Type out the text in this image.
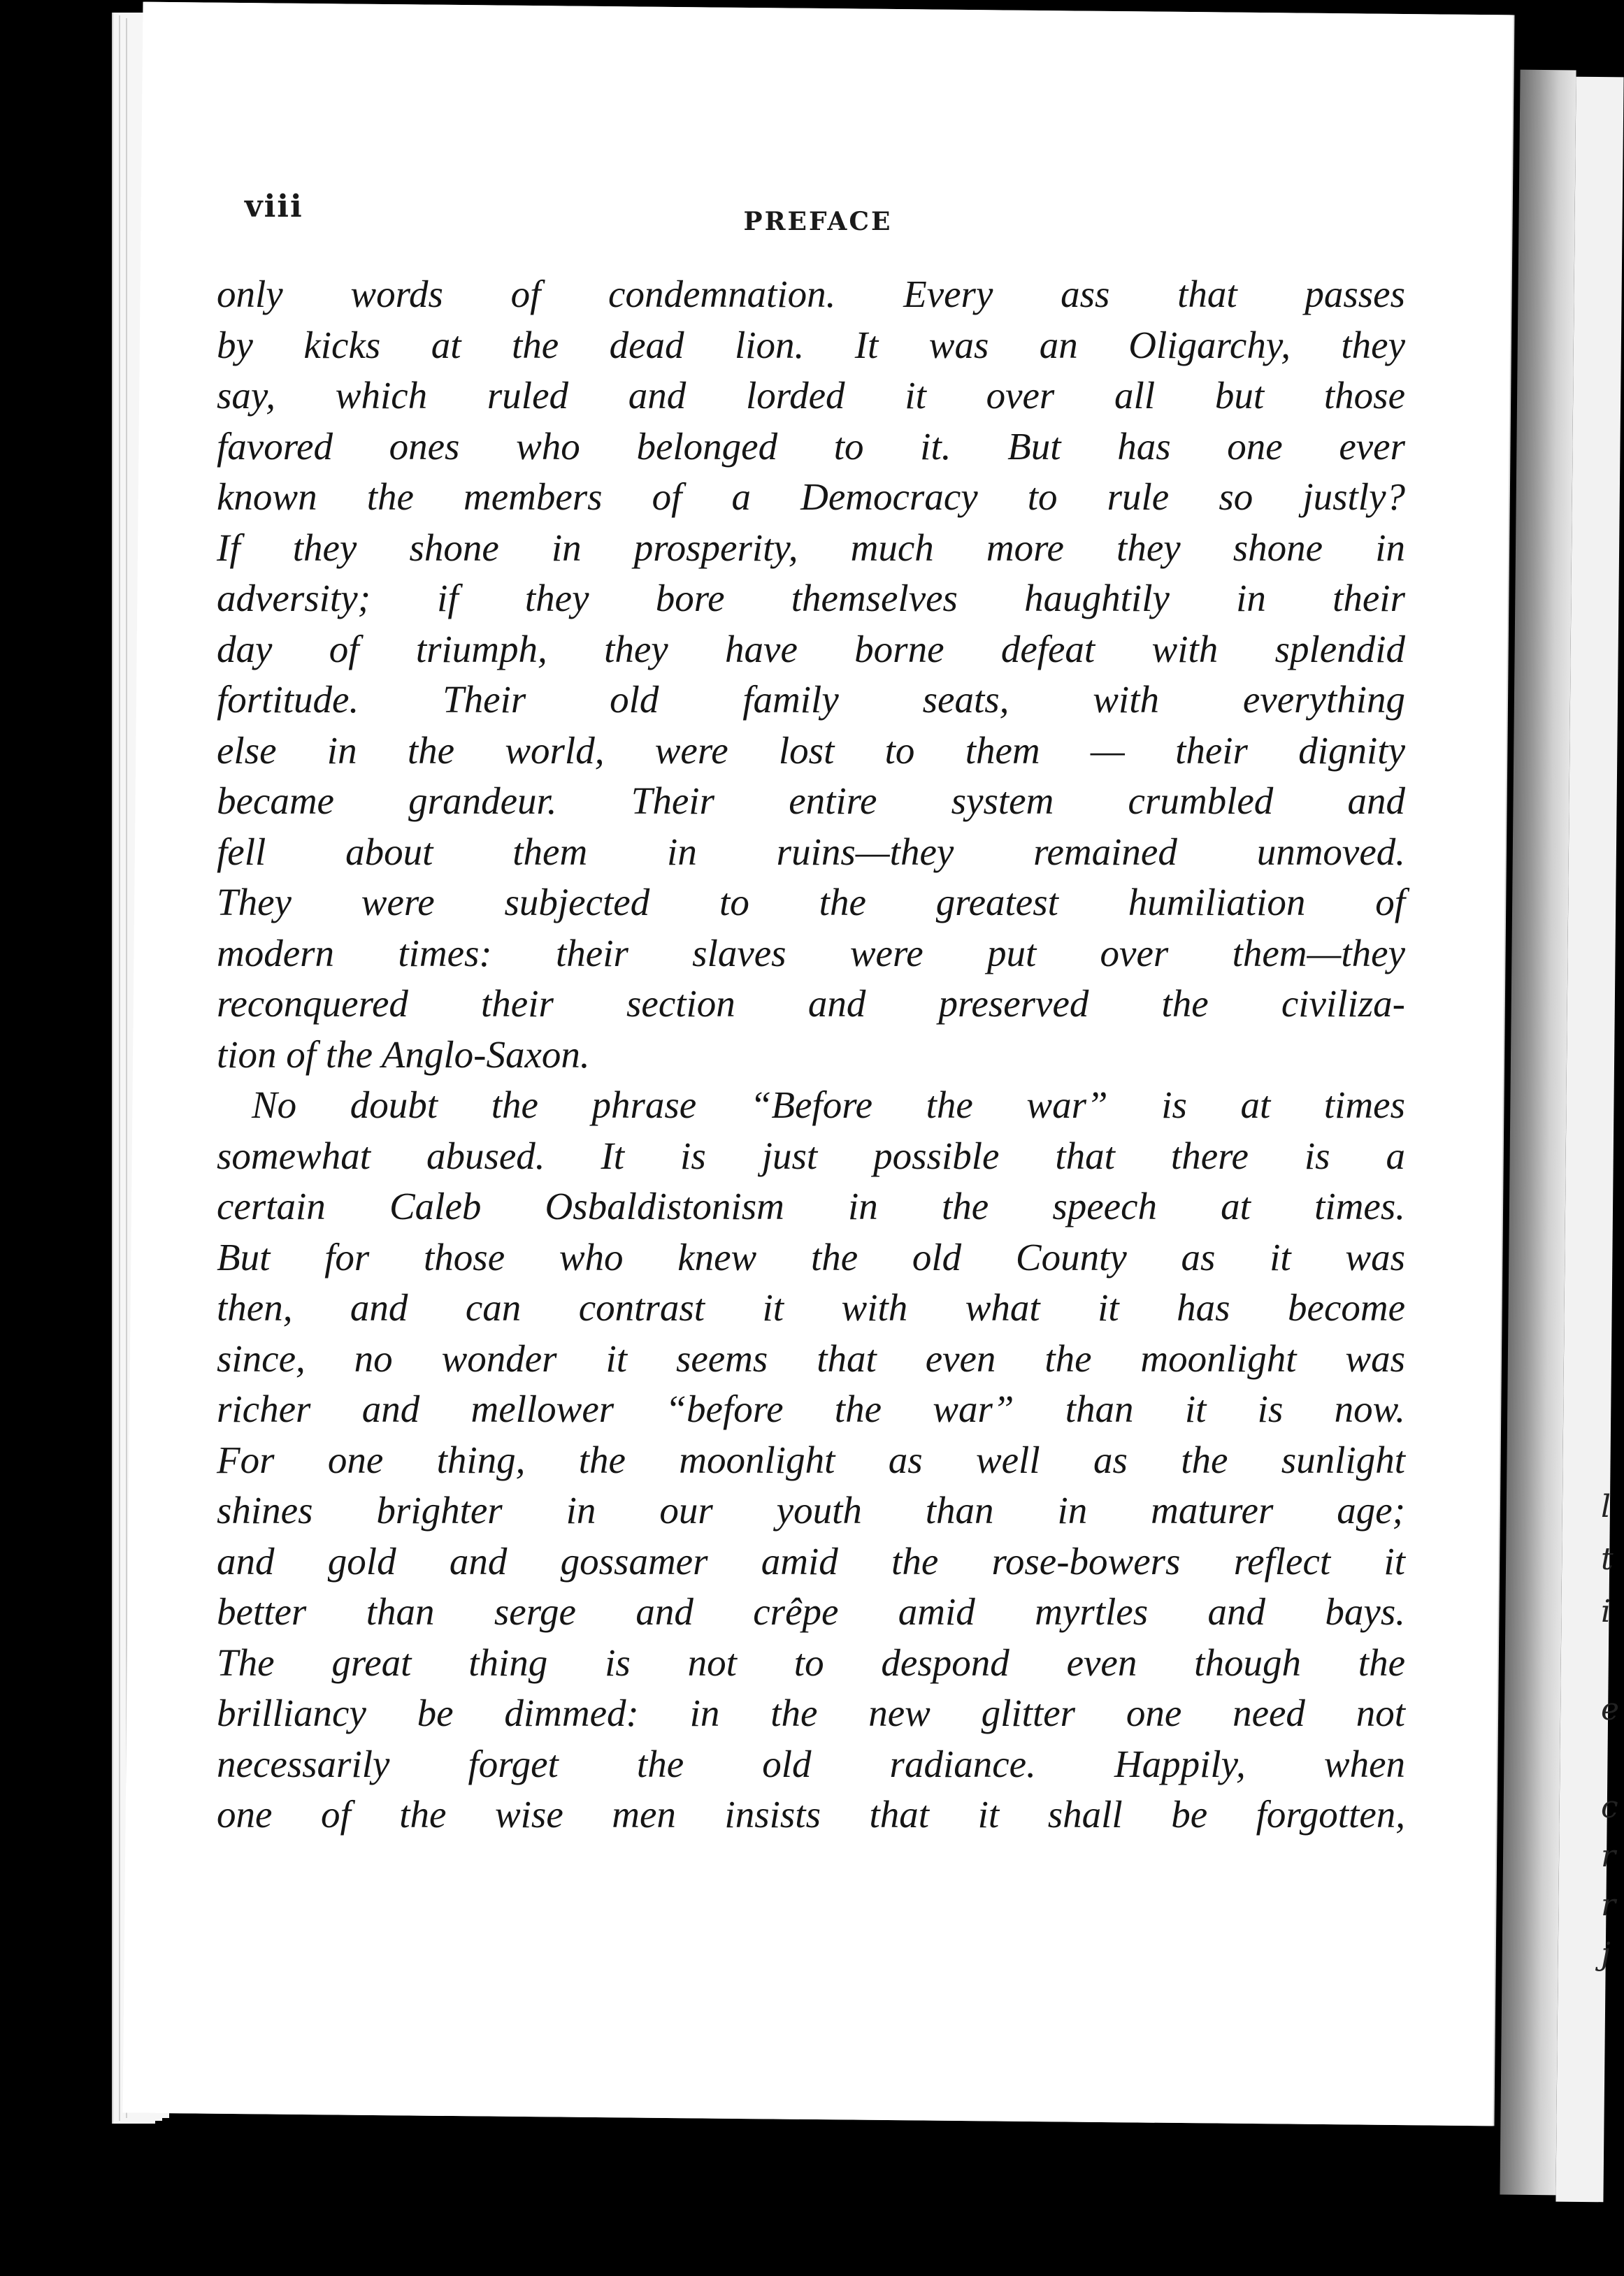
l
t
i
e
c
r
r
j
viii	PREFACE
only words of condemnation. Every ass that passes
by kicks at the dead lion. It was an Oligarchy, they
say, which ruled and lorded it over all but those
favored ones who belonged to it. But has one ever
known the members of a Democracy to rule so justly?
If they shone in prosperity, much more they shone in
adversity; if they bore themselves haughtily in their
day of triumph, they have borne defeat with splendid
fortitude. Their old family seats, with everything
else in the world, were lost to them — their dignity
became grandeur. Their entire system crumbled and
fell about them in ruins—they remained unmoved.
They were subjected to the greatest humiliation of
modern times: their slaves were put over them—they
reconquered their section and preserved the civiliza-
tion of the Anglo-Saxon.
No doubt the phrase “Before the war” is at times
somewhat abused. It is just possible that there is a
certain Caleb Osbaldistonism in the speech at times.
But for those who knew the old County as it was
then, and can contrast it with what it has become
since, no wonder it seems that even the moonlight was
richer and mellower “before the war” than it is now.
For one thing, the moonlight as well as the sunlight
shines brighter in our youth than in maturer age;
and gold and gossamer amid the rose-bowers reflect it
better than serge and crêpe amid myrtles and bays.
The great thing is not to despond even though the
brilliancy be dimmed: in the new glitter one need not
necessarily forget the old radiance. Happily, when
one of the wise men insists that it shall be forgotten,
